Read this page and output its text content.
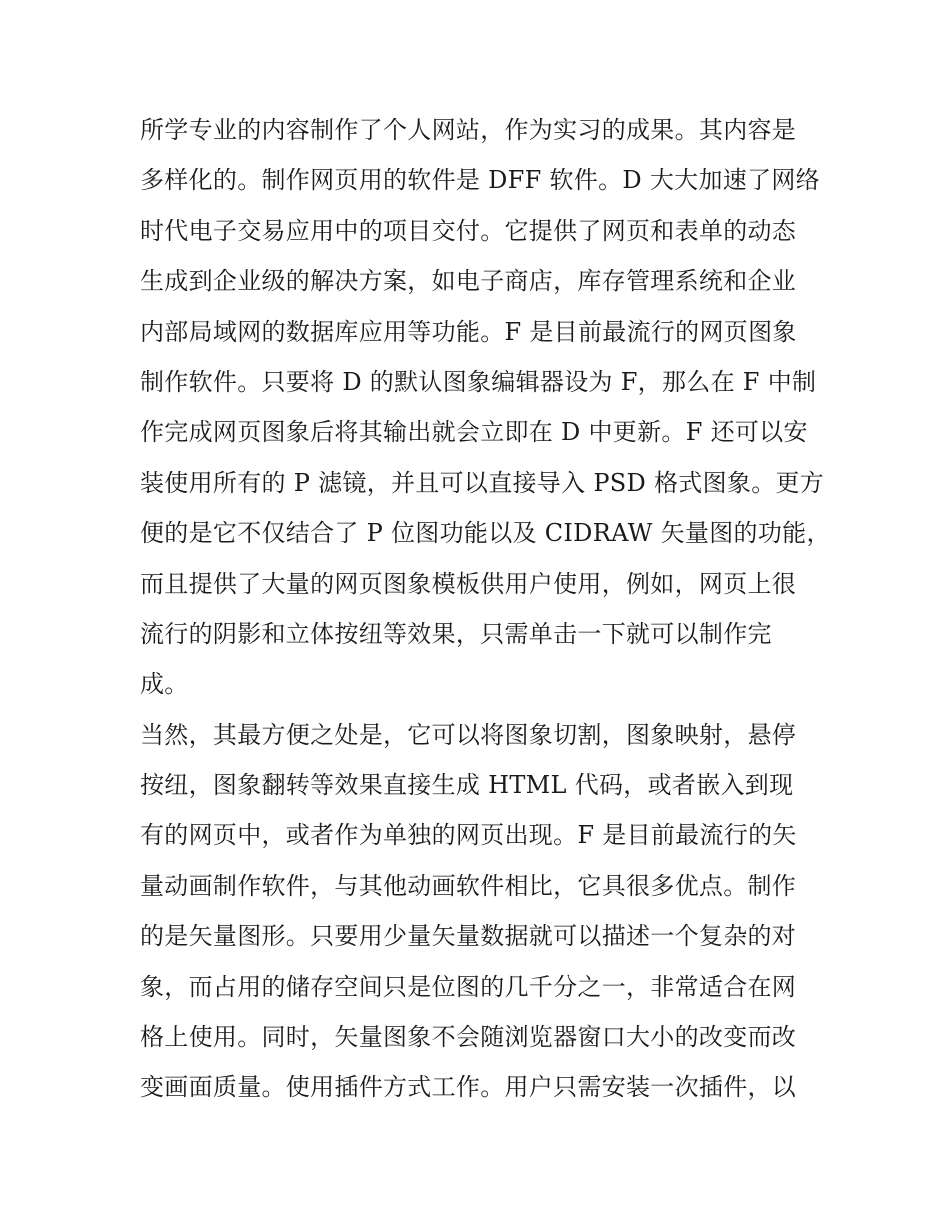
所学专业的内容制作了个人网站，作为实习的成果。其内容是
多样化的。制作网页用的软件是 DFF 软件。D 大大加速了网络
时代电子交易应用中的项目交付。它提供了网页和表单的动态
生成到企业级的解决方案，如电子商店，库存管理系统和企业
内部局域网的数据库应用等功能。F 是目前最流行的网页图象
制作软件。只要将 D 的默认图象编辑器设为 F，那么在 F 中制
作完成网页图象后将其输出就会立即在 D 中更新。F 还可以安
装使用所有的 P 滤镜，并且可以直接导入 PSD 格式图象。更方
便的是它不仅结合了 P 位图功能以及 CIDRAW 矢量图的功能，
而且提供了大量的网页图象模板供用户使用，例如，网页上很
流行的阴影和立体按纽等效果，只需单击一下就可以制作完
成。
当然，其最方便之处是，它可以将图象切割，图象映射，悬停
按纽，图象翻转等效果直接生成 HTML 代码，或者嵌入到现
有的网页中，或者作为单独的网页出现。F 是目前最流行的矢
量动画制作软件，与其他动画软件相比，它具很多优点。制作
的是矢量图形。只要用少量矢量数据就可以描述一个复杂的对
象，而占用的储存空间只是位图的几千分之一，非常适合在网
格上使用。同时，矢量图象不会随浏览器窗口大小的改变而改
变画面质量。使用插件方式工作。用户只需安装一次插件，以
